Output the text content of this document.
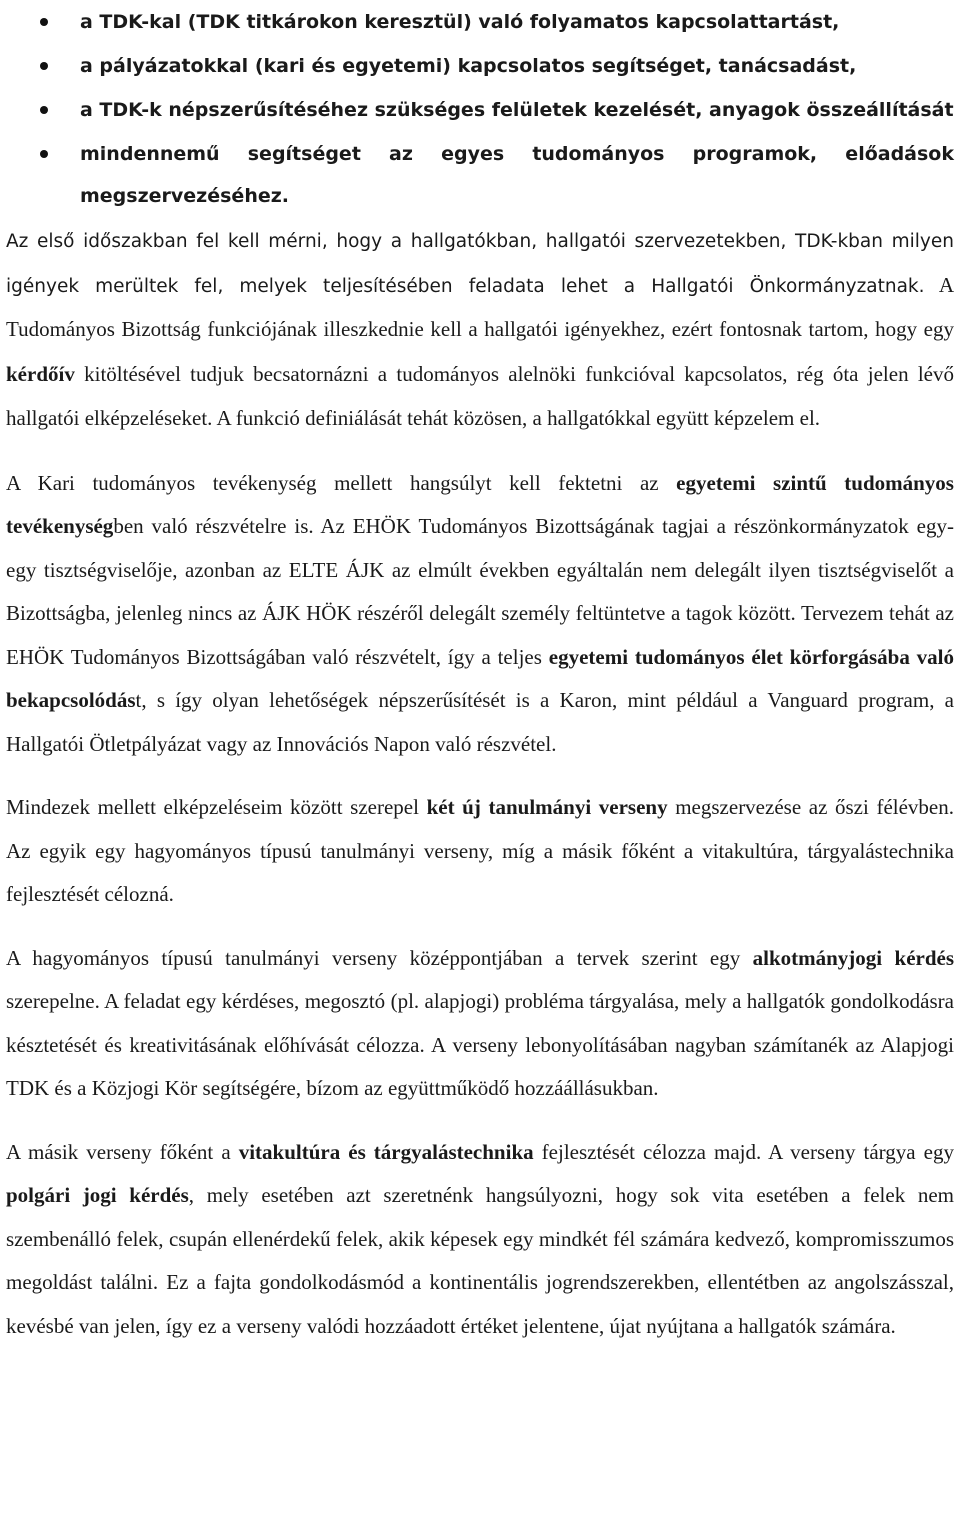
a TDK-kal (TDK titkárokon keresztül) való folyamatos kapcsolattartást,
a pályázatokkal (kari és egyetemi) kapcsolatos segítséget, tanácsadást,
a TDK-k népszerűsítéséhez szükséges felületek kezelését, anyagok összeállítását
mindennemű segítséget az egyes tudományos programok, előadások
megszervezéséhez.

Az első időszakban fel kell mérni, hogy a hallgatókban, hallgatói szervezetekben, TDK-kban milyen igények merültek fel, melyek teljesítésében feladata lehet a Hallgatói Önkormányzatnak. A Tudományos Bizottság funkciójának illeszkednie kell a hallgatói igényekhez, ezért fontosnak tartom, hogy egy kérdőív kitöltésével tudjuk becsatornázni a tudományos alelnöki funkcióval kapcsolatos, rég óta jelen lévő hallgatói elképzeléseket. A funkció definiálását tehát közösen, a hallgatókkal együtt képzelem el.

A Kari tudományos tevékenység mellett hangsúlyt kell fektetni az egyetemi szintű tudományos tevékenységben való részvételre is. Az EHÖK Tudományos Bizottságának tagjai a részönkormányzatok egy-egy tisztségviselője, azonban az ELTE ÁJK az elmúlt években egyáltalán nem delegált ilyen tisztségviselőt a Bizottságba, jelenleg nincs az ÁJK HÖK részéről delegált személy feltüntetve a tagok között. Tervezem tehát az EHÖK Tudományos Bizottságában való részvételt, így a teljes egyetemi tudományos élet körforgásába való bekapcsolódást, s így olyan lehetőségek népszerűsítését is a Karon, mint például a Vanguard program, a Hallgatói Ötletpályázat vagy az Innovációs Napon való részvétel.

Mindezek mellett elképzeléseim között szerepel két új tanulmányi verseny megszervezése az őszi félévben. Az egyik egy hagyományos típusú tanulmányi verseny, míg a másik főként a vitakultúra, tárgyalástechnika fejlesztését célozná.

A hagyományos típusú tanulmányi verseny középpontjában a tervek szerint egy alkotmányjogi kérdés szerepelne. A feladat egy kérdéses, megosztó (pl. alapjogi) probléma tárgyalása, mely a hallgatók gondolkodásra késztetését és kreativitásának előhívását célozza. A verseny lebonyolításában nagyban számítanék az Alapjogi TDK és a Közjogi Kör segítségére, bízom az együttműködő hozzáállásukban.

A másik verseny főként a vitakultúra és tárgyalástechnika fejlesztését célozza majd. A verseny tárgya egy polgári jogi kérdés, mely esetében azt szeretnénk hangsúlyozni, hogy sok vita esetében a felek nem szembenálló felek, csupán ellenérdekű felek, akik képesek egy mindkét fél számára kedvező, kompromisszumos megoldást találni. Ez a fajta gondolkodásmód a kontinentális jogrendszerekben, ellentétben az angolszásszal, kevésbé van jelen, így ez a verseny valódi hozzáadott értéket jelentene, újat nyújtana a hallgatók számára.
